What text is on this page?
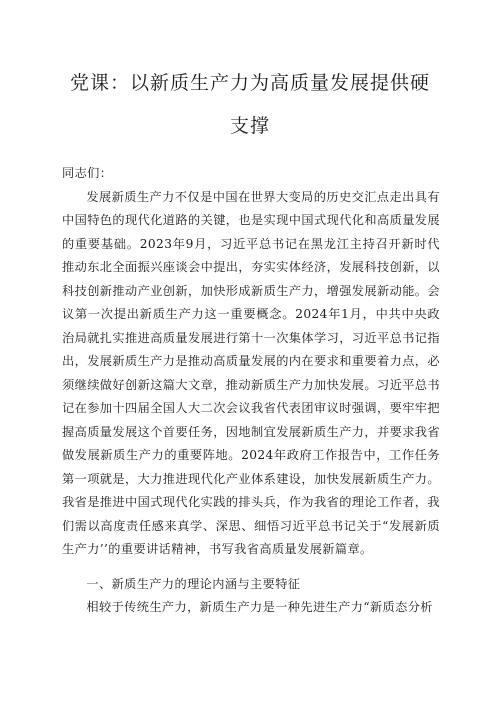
党课：以新质生产力为高质量发展提供硬
支撑

同志们：

发展新质生产力不仅是中国在世界大变局的历史交汇点走出具有中国特色的现代化道路的关键，也是实现中国式现代化和高质量发展的重要基础。2023年9月，习近平总书记在黑龙江主持召开新时代推动东北全面振兴座谈会中提出，夯实实体经济，发展科技创新，以科技创新推动产业创新，加快形成新质生产力，增强发展新动能。会议第一次提出新质生产力这一重要概念。2024年1月，中共中央政治局就扎实推进高质量发展进行第十一次集体学习，习近平总书记指出，发展新质生产力是推动高质量发展的内在要求和重要着力点，必须继续做好创新这篇大文章，推动新质生产力加快发展。习近平总书记在参加十四届全国人大二次会议我省代表团审议时强调，要牢牢把握高质量发展这个首要任务，因地制宜发展新质生产力，并要求我省做发展新质生产力的重要阵地。2024年政府工作报告中，工作任务第一项就是，大力推进现代化产业体系建设，加快发展新质生产力。我省是推进中国式现代化实践的排头兵，作为我省的理论工作者，我们需以高度责任感来真学、深思、细悟习近平总书记关于“发展新质生产力’’的重要讲话精神，书写我省高质量发展新篇章。

一、新质生产力的理论内涵与主要特征

相较于传统生产力，新质生产力是一种先进生产力“新质态分析
